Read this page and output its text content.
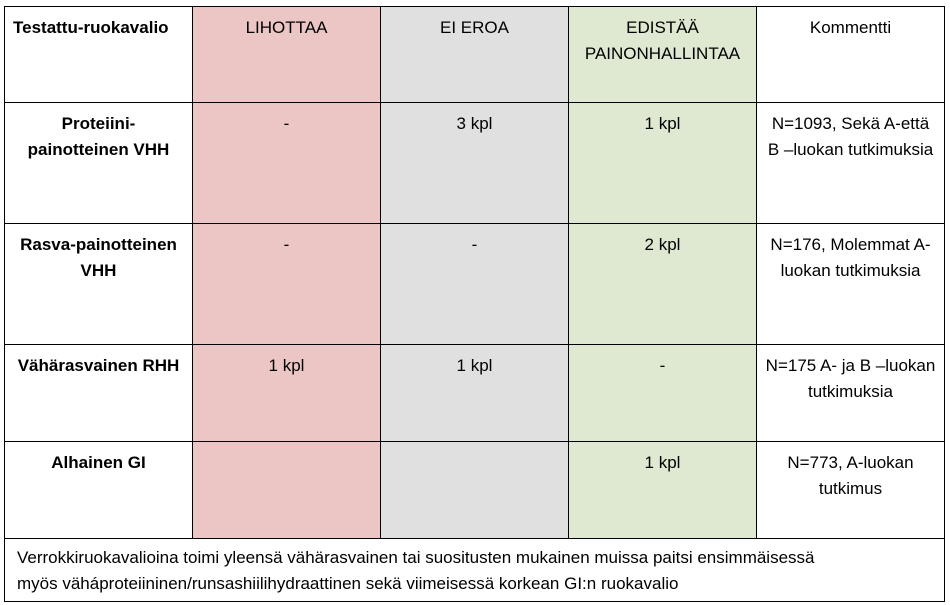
Testattu-ruokavalio	LIHOTTAA	EI EROA	EDISTÄÄ PAINONHALLINTAA	Kommentti
Proteiini-painotteinen VHH	-	3 kpl	1 kpl	N=1093, Sekä A-että B –luokan tutkimuksia
Rasva-painotteinen VHH	-	-	2 kpl	N=176, Molemmat A-luokan tutkimuksia
Vähärasvainen RHH	1 kpl	1 kpl	-	N=175 A- ja B –luokan tutkimuksia
Alhainen GI			1 kpl	N=773, A-luokan tutkimus

Verrokkiruokavalioina toimi yleensä vähärasvainen tai suositusten mukainen muissa paitsi ensimmäisessä
myös väháproteiininen/runsashiilihydraattinen sekä viimeisessä korkean GI:n ruokavalio				
